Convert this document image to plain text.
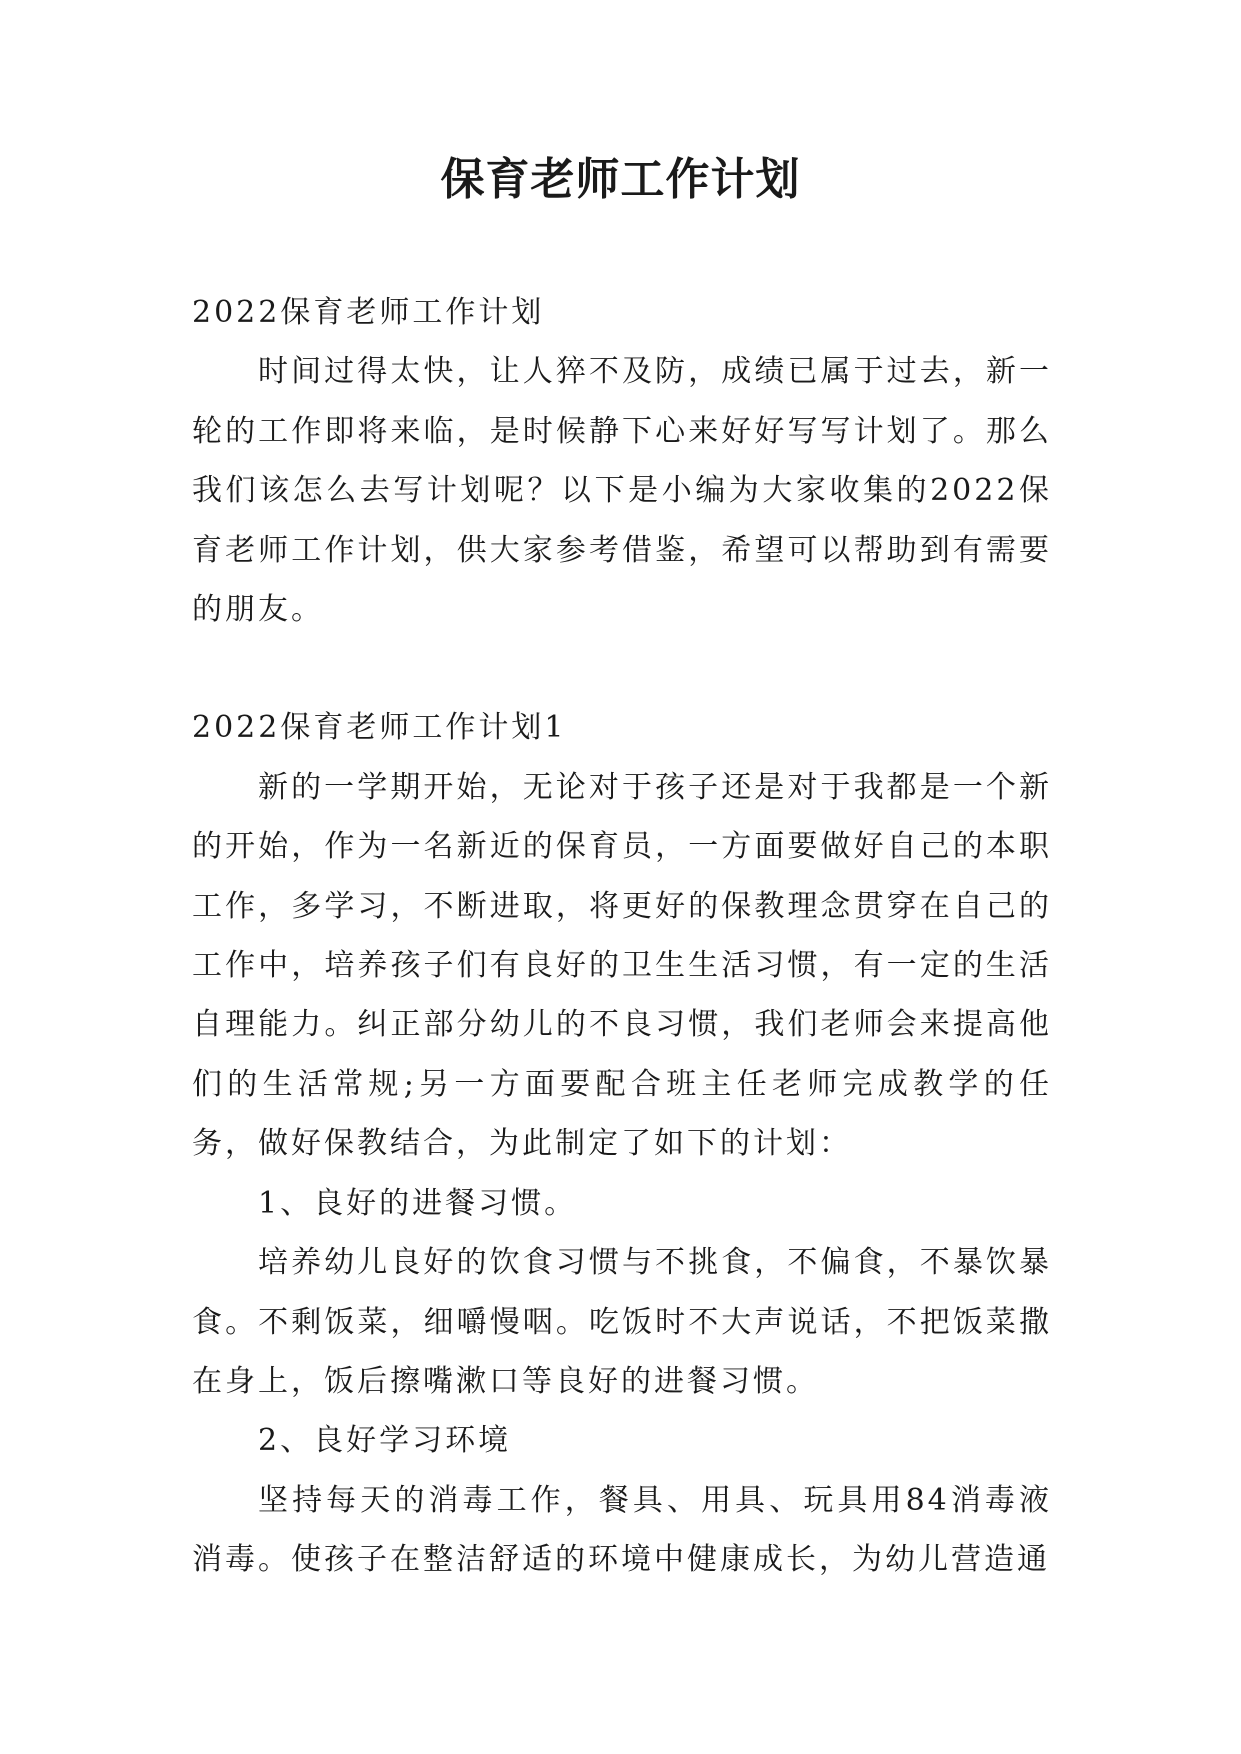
保育老师工作计划

2022保育老师工作计划

时间过得太快，让人猝不及防，成绩已属于过去，新一轮的工作即将来临，是时候静下心来好好写写计划了。那么我们该怎么去写计划呢？以下是小编为大家收集的2022保育老师工作计划，供大家参考借鉴，希望可以帮助到有需要的朋友。

2022保育老师工作计划1

新的一学期开始，无论对于孩子还是对于我都是一个新的开始，作为一名新近的保育员，一方面要做好自己的本职工作，多学习，不断进取，将更好的保教理念贯穿在自己的工作中，培养孩子们有良好的卫生生活习惯，有一定的生活自理能力。纠正部分幼儿的不良习惯，我们老师会来提高他们的生活常规;另一方面要配合班主任老师完成教学的任务，做好保教结合，为此制定了如下的计划：

1、良好的进餐习惯。

培养幼儿良好的饮食习惯与不挑食，不偏食，不暴饮暴食。不剩饭菜，细嚼慢咽。吃饭时不大声说话，不把饭菜撒在身上，饭后擦嘴漱口等良好的进餐习惯。

2、良好学习环境

坚持每天的消毒工作，餐具、用具、玩具用84消毒液消毒。使孩子在整洁舒适的环境中健康成长，为幼儿营造通
